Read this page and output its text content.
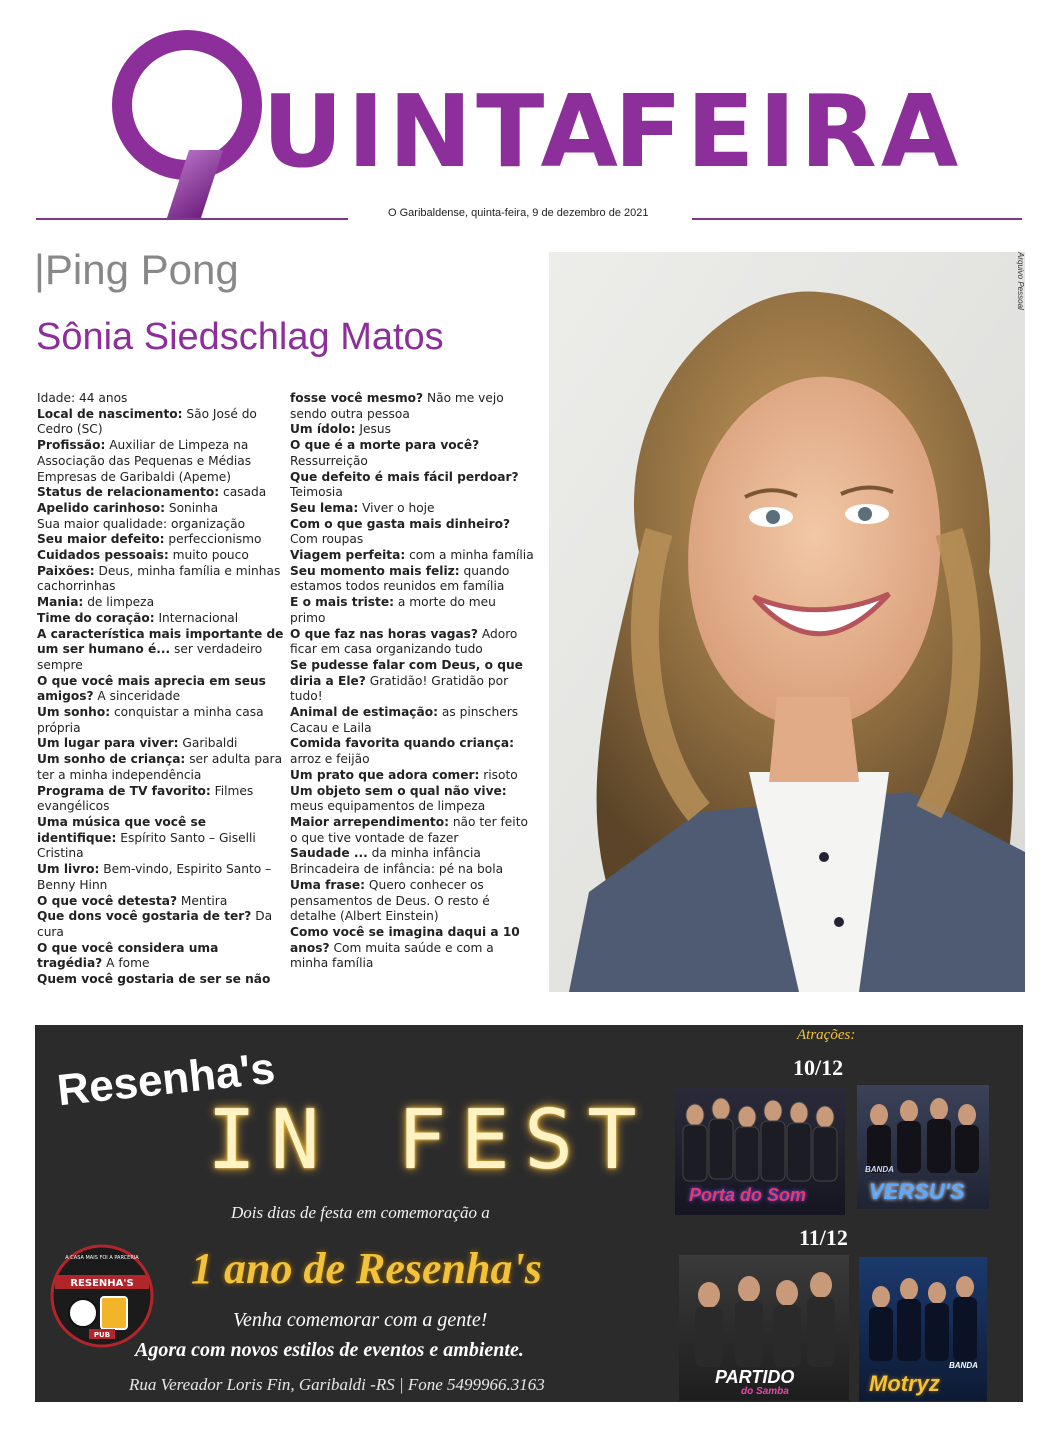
UINTA
FEIRA
O Garibaldense, quinta-feira, 9 de dezembro de 2021
|Ping Pong
Sônia Siedschlag Matos
Idade: 44 anos
Local de nascimento: São José do Cedro (SC)
Profissão: Auxiliar de Limpeza na Associação das Pequenas e Médias Empresas de Garibaldi (Apeme)
Status de relacionamento: casada
Apelido carinhoso: Soninha
Sua maior qualidade: organização
Seu maior defeito: perfeccionismo
Cuidados pessoais: muito pouco
Paixões: Deus, minha família e minhas cachorrinhas
Mania: de limpeza
Time do coração: Internacional
A característica mais importante de um ser humano é... ser verdadeiro sempre
O que você mais aprecia em seus amigos? A sinceridade
Um sonho: conquistar a minha casa própria
Um lugar para viver: Garibaldi
Um sonho de criança: ser adulta para ter a minha independência
Programa de TV favorito: Filmes evangélicos
Uma música que você se identifique: Espírito Santo – Giselli Cristina
Um livro: Bem-vindo, Espirito Santo – Benny Hinn
O que você detesta? Mentira
Que dons você gostaria de ter? Da cura
O que você considera uma tragédia? A fome
Quem você gostaria de ser se não
fosse você mesmo? Não me vejo sendo outra pessoa
Um ídolo: Jesus
O que é a morte para você? Ressurreição
Que defeito é mais fácil perdoar? Teimosia
Seu lema: Viver o hoje
Com o que gasta mais dinheiro? Com roupas
Viagem perfeita: com a minha família
Seu momento mais feliz: quando estamos todos reunidos em família
E o mais triste: a morte do meu primo
O que faz nas horas vagas? Adoro ficar em casa organizando tudo
Se pudesse falar com Deus, o que diria a Ele? Gratidão! Gratidão por tudo!
Animal de estimação: as pinschers Cacau e Laila
Comida favorita quando criança: arroz e feijão
Um prato que adora comer: risoto
Um objeto sem o qual não vive: meus equipamentos de limpeza
Maior arrependimento: não ter feito o que tive vontade de fazer
Saudade ... da minha infância
Brincadeira de infância: pé na bola
Uma frase: Quero conhecer os pensamentos de Deus. O resto é detalhe (Albert Einstein)
Como você se imagina daqui a 10 anos? Com muita saúde e com a minha família
Arquivo Pessoal
Resenha's
IN FEST
Dois dias de festa em comemoração a
1 ano de Resenha's
Venha comemorar com a gente!
Agora com novos estilos de eventos e ambiente.
Rua Vereador Loris Fin, Garibaldi -RS | Fone 5499966.3163
A CASA MAIS FOI A PARCERIA
RESENHA'S
PUB
Atrações:
10/12
Porta do Som
BANDA
VERSU'S
11/12
PARTIDO
do Samba
BANDA
Motryz
